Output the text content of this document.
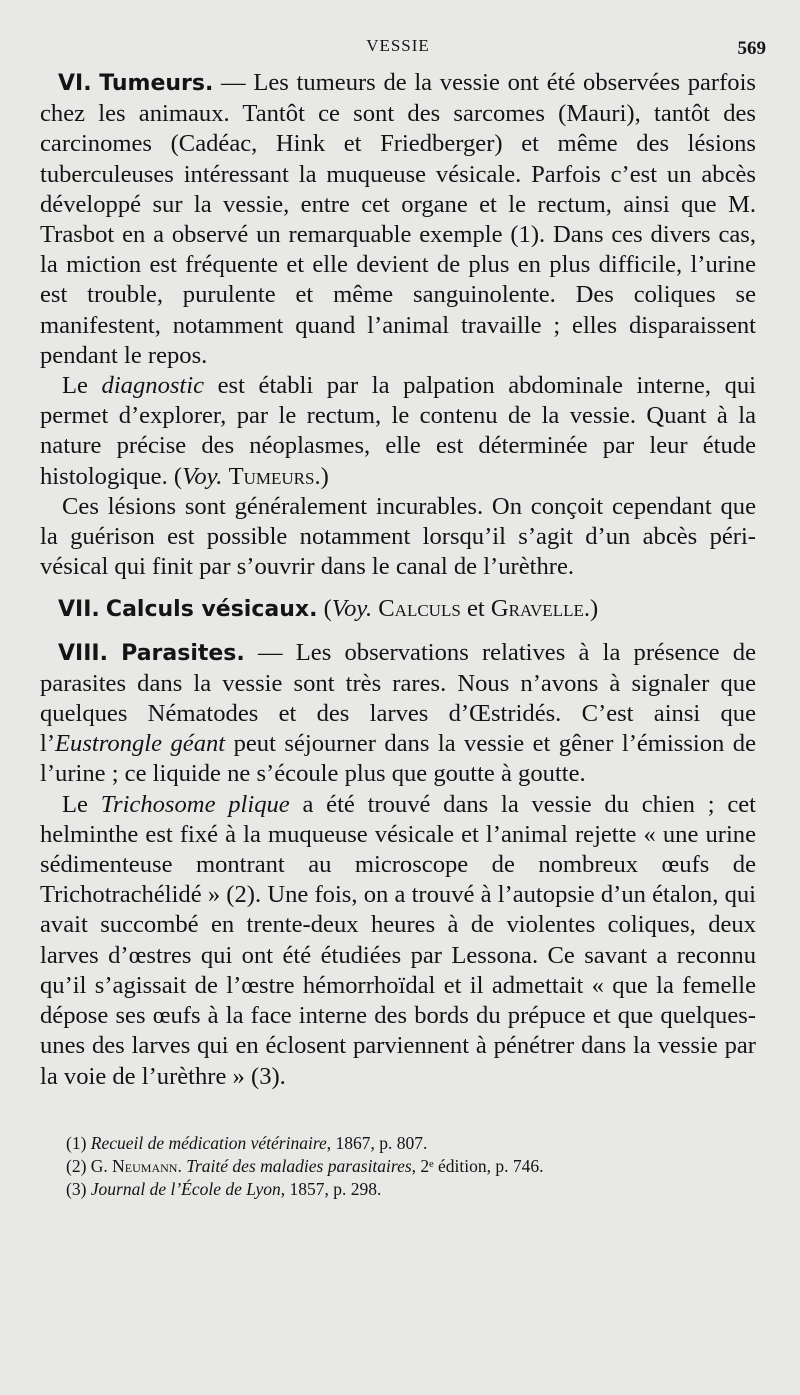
VESSIE	569

VI. Tumeurs. — Les tumeurs de la vessie ont été observées parfois chez les animaux. Tantôt ce sont des sarcomes (Mauri), tantôt des carcinomes (Cadéac, Hink et Friedberger) et même des lésions tuberculeuses intéressant la muqueuse vésicale. Parfois c’est un abcès développé sur la vessie, entre cet organe et le rectum, ainsi que M. Trasbot en a observé un remarquable exemple (1). Dans ces divers cas, la miction est fréquente et elle devient de plus en plus difficile, l’urine est trouble, purulente et même sanguinolente. Des coliques se manifestent, notamment quand l’animal travaille ; elles disparaissent pendant le repos.

Le diagnostic est établi par la palpation abdominale interne, qui permet d’explorer, par le rectum, le contenu de la vessie. Quant à la nature précise des néoplasmes, elle est déterminée par leur étude histologique. (Voy. Tumeurs.)

Ces lésions sont généralement incurables. On conçoit cependant que la guérison est possible notamment lorsqu’il s’agit d’un abcès péri-vésical qui finit par s’ouvrir dans le canal de l’urèthre.

VII. Calculs vésicaux. (Voy. Calculs et Gravelle.)

VIII. Parasites. — Les observations relatives à la présence de parasites dans la vessie sont très rares. Nous n’avons à signaler que quelques Nématodes et des larves d’Œstridés. C’est ainsi que l’Eustrongle géant peut séjourner dans la vessie et gêner l’émission de l’urine ; ce liquide ne s’écoule plus que goutte à goutte.

Le Trichosome plique a été trouvé dans la vessie du chien ; cet helminthe est fixé à la muqueuse vésicale et l’animal rejette « une urine sédimenteuse montrant au microscope de nombreux œufs de Trichotrachélidé » (2). Une fois, on a trouvé à l’autopsie d’un étalon, qui avait succombé en trente-deux heures à de violentes coliques, deux larves d’œstres qui ont été étudiées par Lessona. Ce savant a reconnu qu’il s’agissait de l’œstre hémorrhoïdal et il admettait « que la femelle dépose ses œufs à la face interne des bords du prépuce et que quelques-unes des larves qui en éclosent parviennent à pénétrer dans la vessie par la voie de l’urèthre » (3).

(1) Recueil de médication vétérinaire, 1867, p. 807.
(2) G. Neumann. Traité des maladies parasitaires, 2ᵉ édition, p. 746.
(3) Journal de l’École de Lyon, 1857, p. 298.
